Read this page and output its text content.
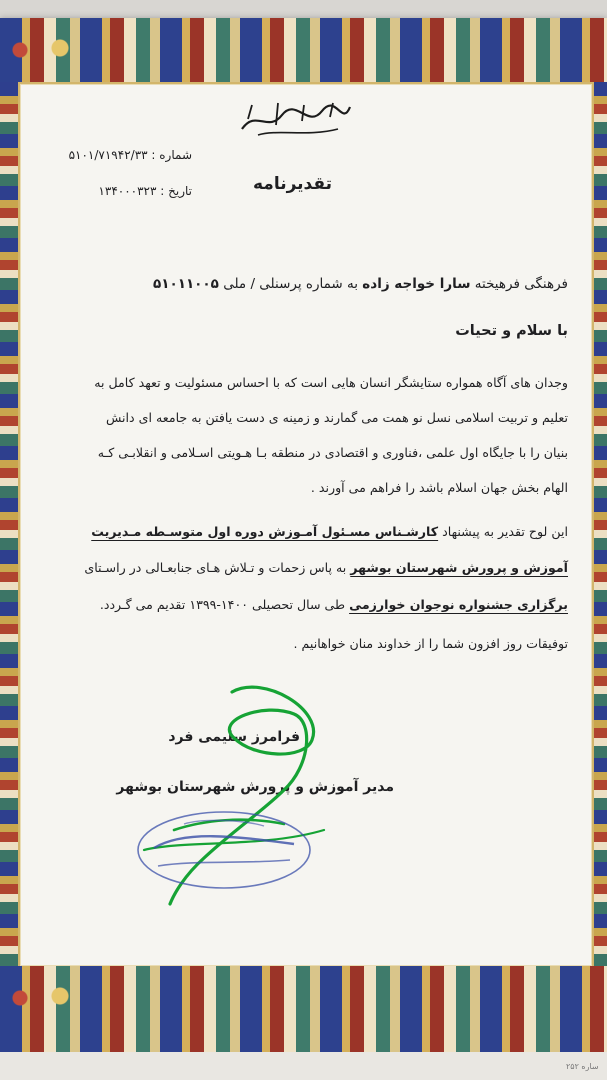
شماره : ۵۱۰۱/۷۱۹۴۲/۳۳
تاریخ : ۱۳۴۰۰۰۳۲۳	تقدیرنامه
فرهنگی فرهیخته سارا خواجه زاده به شماره پرسنلی / ملی ۵۱۰۱۱۰۰۵
با سلام و تحیات
وجدان های آگاه همواره ستایشگر انسان هایی است که با احساس مسئولیت و تعهد کامل به
تعلیم و تربیت اسلامی نسل نو همت می گمارند و زمینه ی دست یافتن به جامعه ای دانش
بنیان را با جایگاه اول علمی ،فناوری و اقتصادی در منطقه بـا هـویتی اسـلامی و انقلابـی کـه
الهام بخش جهان اسلام باشد را فراهم می آورند .
این لوح تقدیر به پیشنهاد کارشـناس مسـئول آمـوزش دوره اول متوسـطه مـدیریت
آموزش و پرورش شهرستان بوشهر به پاس زحمات و تـلاش هـای جنابعـالی در راسـتای
برگزاری جشنواره نوجوان خوارزمی طی سال تحصیلی ۱۴۰۰-۱۳۹۹ تقدیم می گـردد.
توفیقات روز افزون شما را از خداوند منان خواهانیم .
فرامرز سلیمی فرد
مدیر آموزش و پرورش شهرستان بوشهر
ساره ۲۵۲
